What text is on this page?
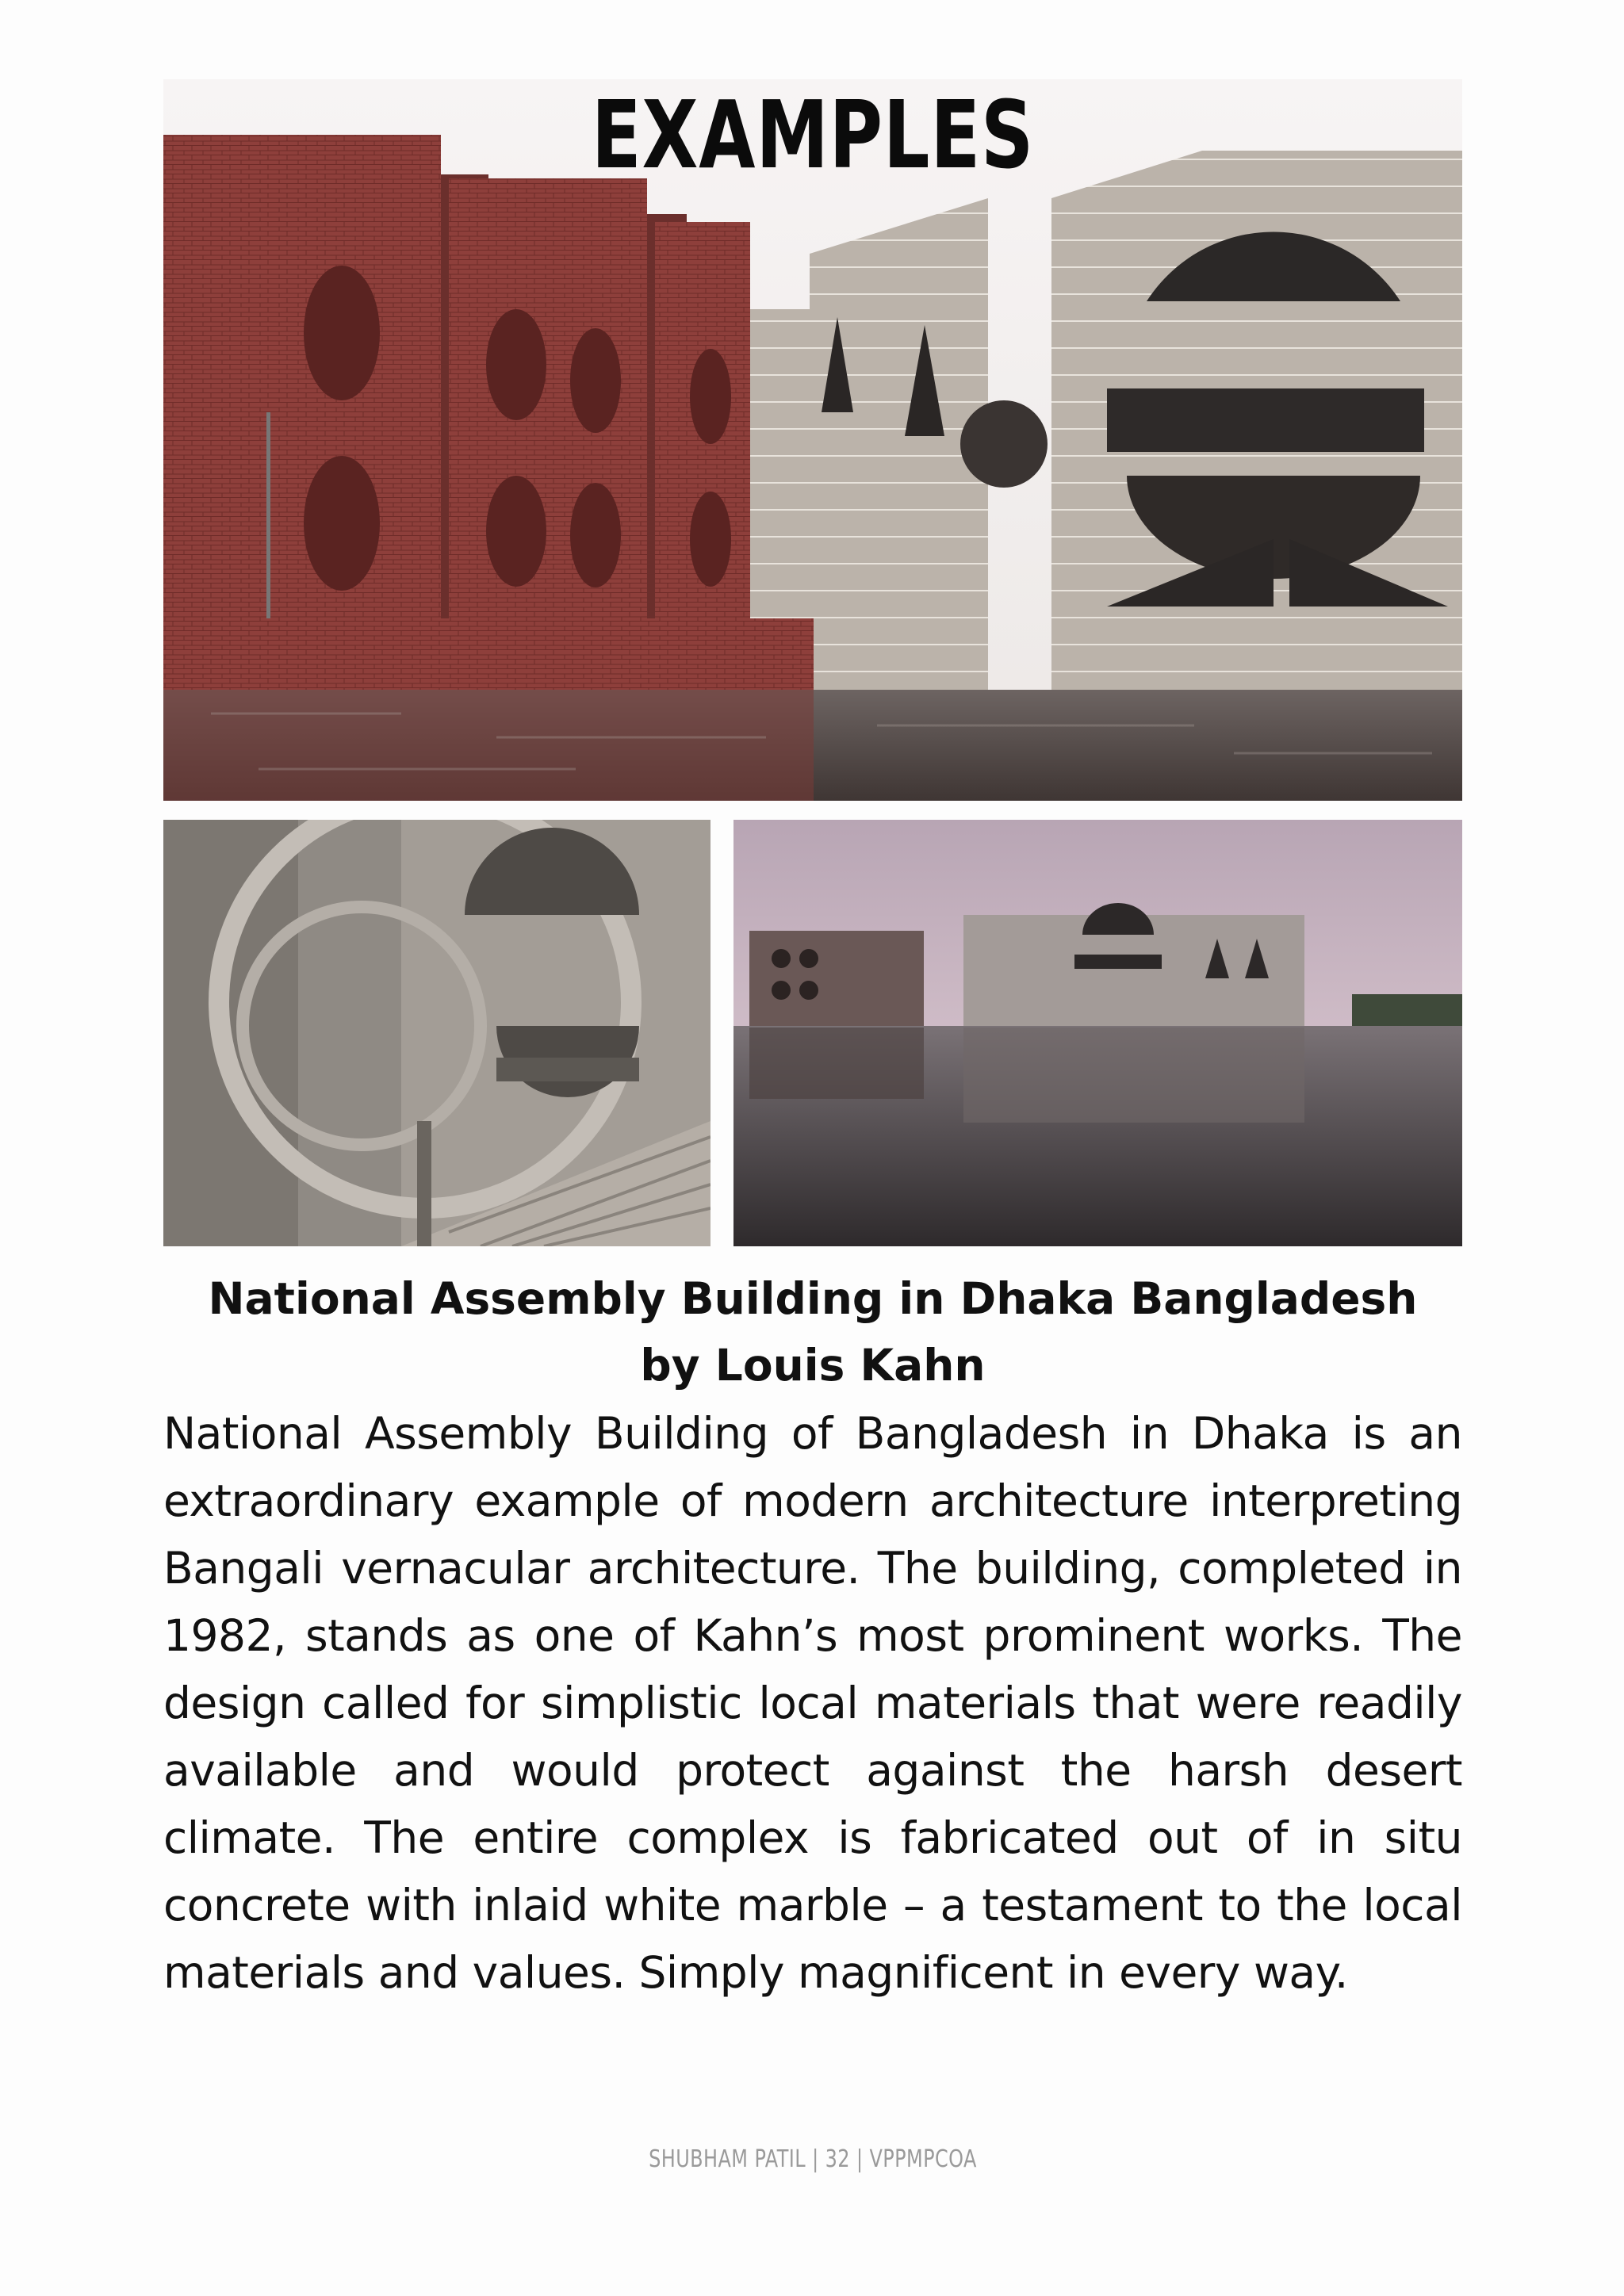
EXAMPLES
National Assembly Building in Dhaka Bangladesh
by Louis Kahn
National Assembly Building of Bangladesh in Dhaka is an extraordinary example of modern architecture interpreting Bangali vernacular architecture. The building, completed in 1982, stands as one of Kahn’s most prominent works. The design called for simplistic local materials that were readily available and would protect against the harsh desert climate. The entire complex is fabricated out of in situ concrete with inlaid white marble – a testament to the local materials and values. Simply magnificent in every way.
SHUBHAM PATIL | 32 | VPPMPCOA
